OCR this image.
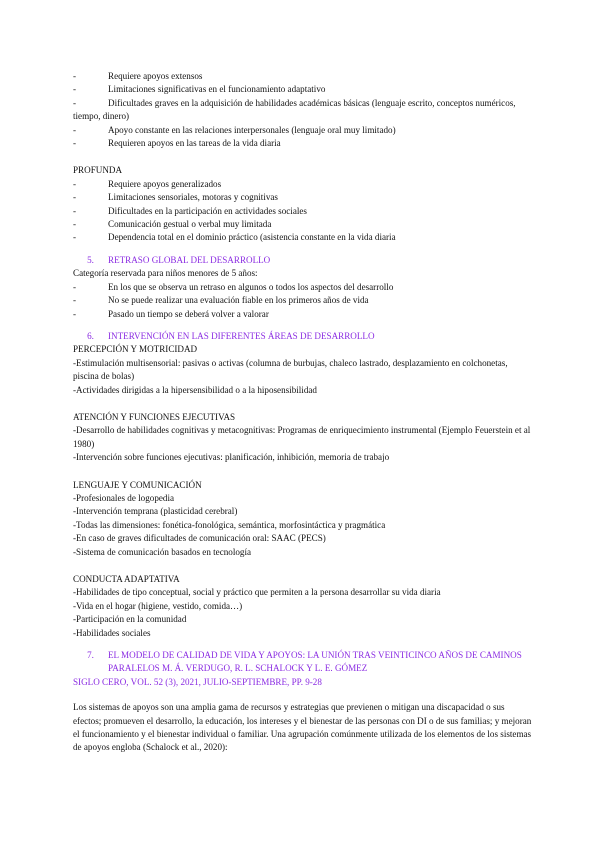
-	Requiere apoyos extensos
-	Limitaciones significativas en el funcionamiento adaptativo
-	Dificultades graves en la adquisición de habilidades académicas básicas (lenguaje escrito, conceptos numéricos, tiempo, dinero)
-	Apoyo constante en las relaciones interpersonales (lenguaje oral muy limitado)
-	Requieren apoyos en las tareas de la vida diaria
PROFUNDA
-	Requiere apoyos generalizados
-	Limitaciones sensoriales, motoras y cognitivas
-	Dificultades en la participación en actividades sociales
-	Comunicación gestual o verbal muy limitada
-	Dependencia total en el dominio práctico (asistencia constante en la vida diaria
5.	RETRASO GLOBAL DEL DESARROLLO
Categoría reservada para niños menores de 5 años:
-	En los que se observa un retraso en algunos o todos los aspectos del desarrollo
-	No se puede realizar una evaluación fiable en los primeros años de vida
-	Pasado un tiempo se deberá volver a valorar
6.	INTERVENCIÓN EN LAS DIFERENTES ÁREAS DE DESARROLLO
PERCEPCIÓN Y MOTRICIDAD
-Estimulación multisensorial: pasivas o activas (columna de burbujas, chaleco lastrado, desplazamiento en colchonetas, piscina de bolas)
-Actividades dirigidas a la hipersensibilidad o a la hiposensibilidad
ATENCIÓN Y FUNCIONES EJECUTIVAS
-Desarrollo de habilidades cognitivas y metacognitivas: Programas de enriquecimiento instrumental (Ejemplo Feuerstein et al 1980)
-Intervención sobre funciones ejecutivas: planificación, inhibición, memoria de trabajo
LENGUAJE Y COMUNICACIÓN
-Profesionales de logopedia
-Intervención temprana (plasticidad cerebral)
-Todas las dimensiones: fonética-fonológica, semántica, morfosintáctica y pragmática
-En caso de graves dificultades de comunicación oral: SAAC (PECS)
-Sistema de comunicación basados en tecnología
CONDUCTA ADAPTATIVA
-Habilidades de tipo conceptual, social y práctico que permiten a la persona desarrollar su vida diaria
-Vida en el hogar (higiene, vestido, comida…)
-Participación en la comunidad
-Habilidades sociales
7.	EL MODELO DE CALIDAD DE VIDA Y APOYOS: LA UNIÓN TRAS VEINTICINCO AÑOS DE CAMINOS PARALELOS M. Á. VERDUGO, R. L. SCHALOCK Y L. E. GÓMEZ
SIGLO CERO, VOL. 52 (3), 2021, JULIO-SEPTIEMBRE, PP. 9-28

Los sistemas de apoyos son una amplia gama de recursos y estrategias que previenen o mitigan una discapacidad o sus efectos; promueven el desarrollo, la educación, los intereses y el bienestar de las personas con DI o de sus familias; y mejoran el funcionamiento y el bienestar individual o familiar. Una agrupación comúnmente utilizada de los elementos de los sistemas de apoyos engloba (Schalock et al., 2020):
